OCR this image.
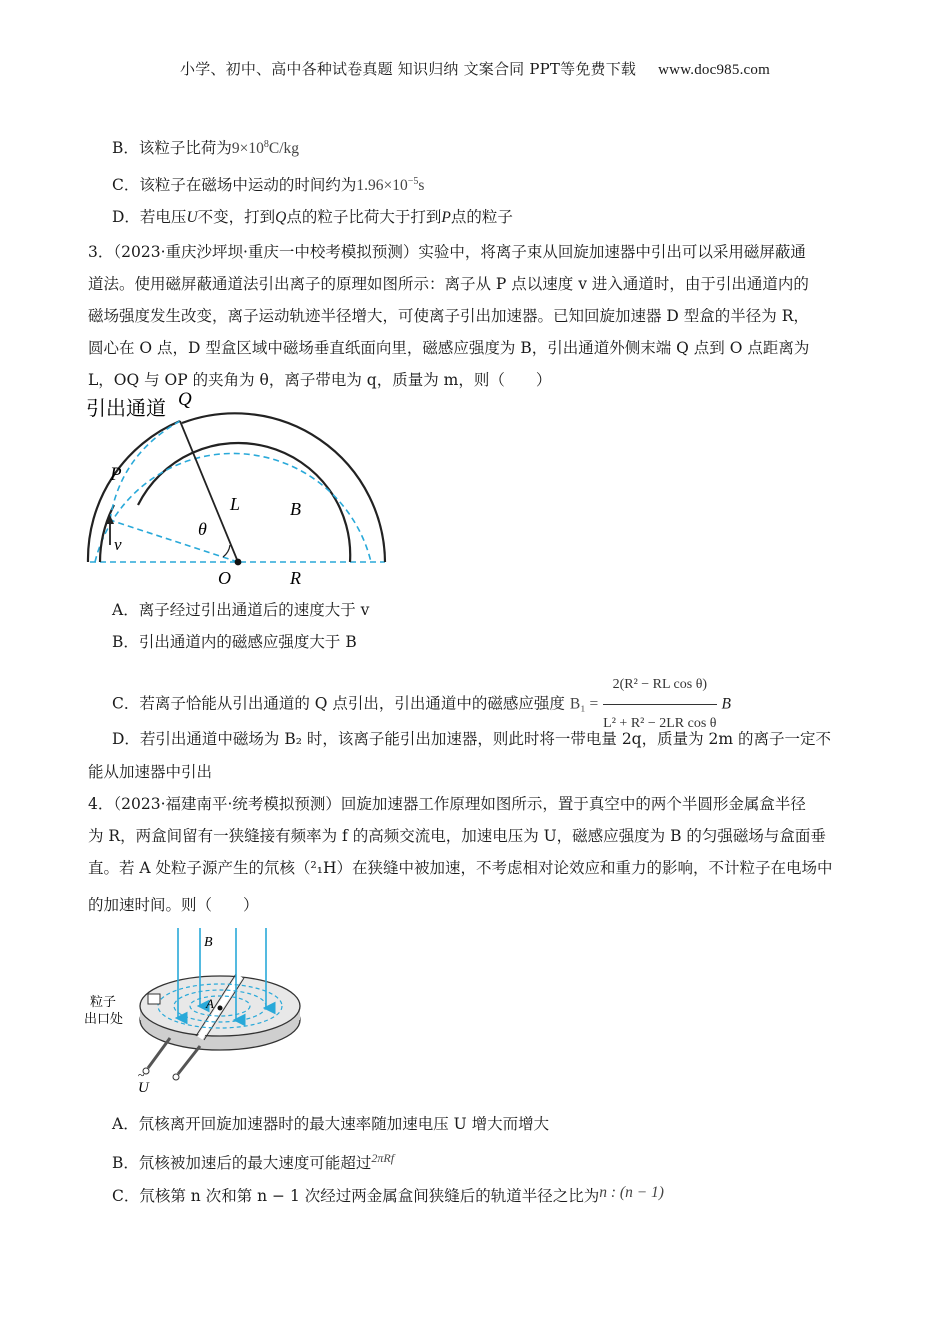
小学、初中、高中各种试卷真题 知识归纳 文案合同 PPT等免费下载 www.doc985.com
B．该粒子比荷为$9\times 10^8C/kg$
C．该粒子在磁场中运动的时间约为$1.96\times 10^{-5}s$
D．若电压U不变，打到Q点的粒子比荷大于打到P点的粒子
3．（2023·重庆沙坪坝·重庆一中校考模拟预测）实验中，将离子束从回旋加速器中引出可以采用磁屏蔽通
道法。使用磁屏蔽通道法引出离子的原理如图所示：离子从 P 点以速度 v 进入通道时，由于引出通道内的
磁场强度发生改变，离子运动轨迹半径增大，可使离子引出加速器。已知回旋加速器 D 型盒的半径为 R，
圆心在 O 点，D 型盒区域中磁场垂直纸面向里，磁感应强度为 B，引出通道外侧末端 Q 点到 O 点距离为
L，OQ 与 OP 的夹角为 θ，离子带电为 q，质量为 m，则（　　）
引出通道 Q
P
L	B
θ
v
O	R
A．离子经过引出通道后的速度大于 v
B．引出通道内的磁感应强度大于 B
C．若离子恰能从引出通道的 Q 点引出，引出通道中的磁感应强度 $B_1 = \frac{\text{2(R² − RL cos θ)}}{\text{L² + R² − 2LR cos θ}}$ B
D．若引出通道中磁场为 B₂ 时，该离子能引出加速器，则此时将一带电量 2q，质量为 2m 的离子一定不
能从加速器中引出
4．（2023·福建南平·统考模拟预测）回旋加速器工作原理如图所示，置于真空中的两个半圆形金属盒半径
为 R，两盒间留有一狭缝接有频率为 f 的高频交流电，加速电压为 U，磁感应强度为 B 的匀强磁场与盒面垂
直。若 A 处粒子源产生的氘核（²₁H）在狭缝中被加速，不考虑相对论效应和重力的影响，不计粒子在电场中
的加速时间。则（　　）
B
A
粒子
出口处
U
~
A．氘核离开回旋加速器时的最大速率随加速电压 U 增大而增大
B．氘核被加速后的最大速度可能超过$^{2\pi Rf}$
C．氘核第 n 次和第 n − 1 次经过两金属盒间狭缝后的轨道半径之比为n : (n − 1)
